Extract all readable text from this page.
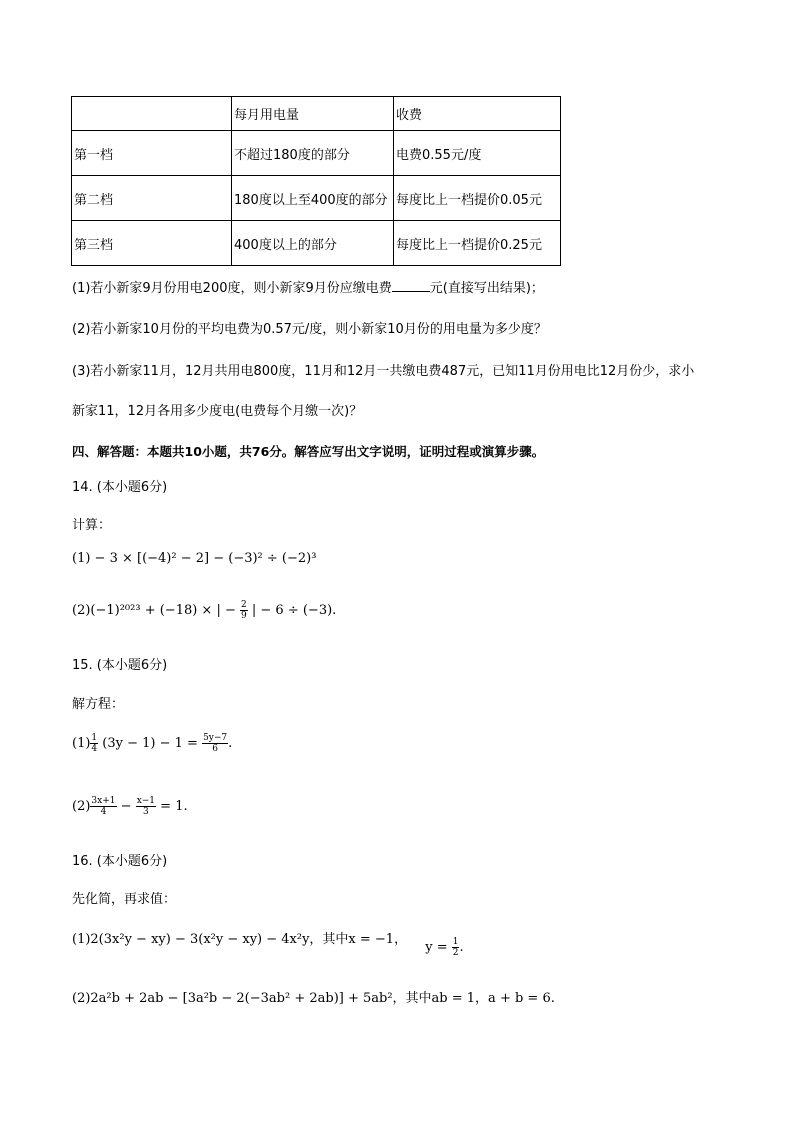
	每月用电量	收费
第一档	不超过180度的部分	电费0.55元/度
第二档	180度以上至400度的部分	每度比上一档提价0.05元
第三档	400度以上的部分	每度比上一档提价0.25元
(1)若小新家9月份用电200度，则小新家9月份应缴电费	元(直接写出结果)；
(2)若小新家10月份的平均电费为0.57元/度，则小新家10月份的用电量为多少度？
(3)若小新家11月，12月共用电800度，11月和12月一共缴电费487元，已知11月份用电比12月份少，求小
新家11，12月各用多少度电(电费每个月缴一次)？
四、解答题：本题共10小题，共76分。解答应写出文字说明，证明过程或演算步骤。
14. (本小题6分)
计算：
(1) − 3 × [(−4)² − 2] − (−3)² ÷ (−2)³
(2)(−1)²⁰²³ + (−18) × | − $\frac{2}{9}$ | − 6 ÷ (−3).
15. (本小题6分)
解方程：
$(1) \frac{1}{4} (3y - 1) - 1 = \frac{5y-7}{6}$ .
$(2) \frac{3x+1}{4} - \frac{x-1}{3} = 1$.
16. (本小题6分)
先化简，再求值：
(1)2(3x²y − xy) − 3(x²y − xy) − 4x²y，其中x = −1， $y = \frac{1}{2}$ .
(2)2a²b + 2ab − [3a²b − 2(−3ab² + 2ab)] + 5ab²，其中ab = 1，a + b = 6.
